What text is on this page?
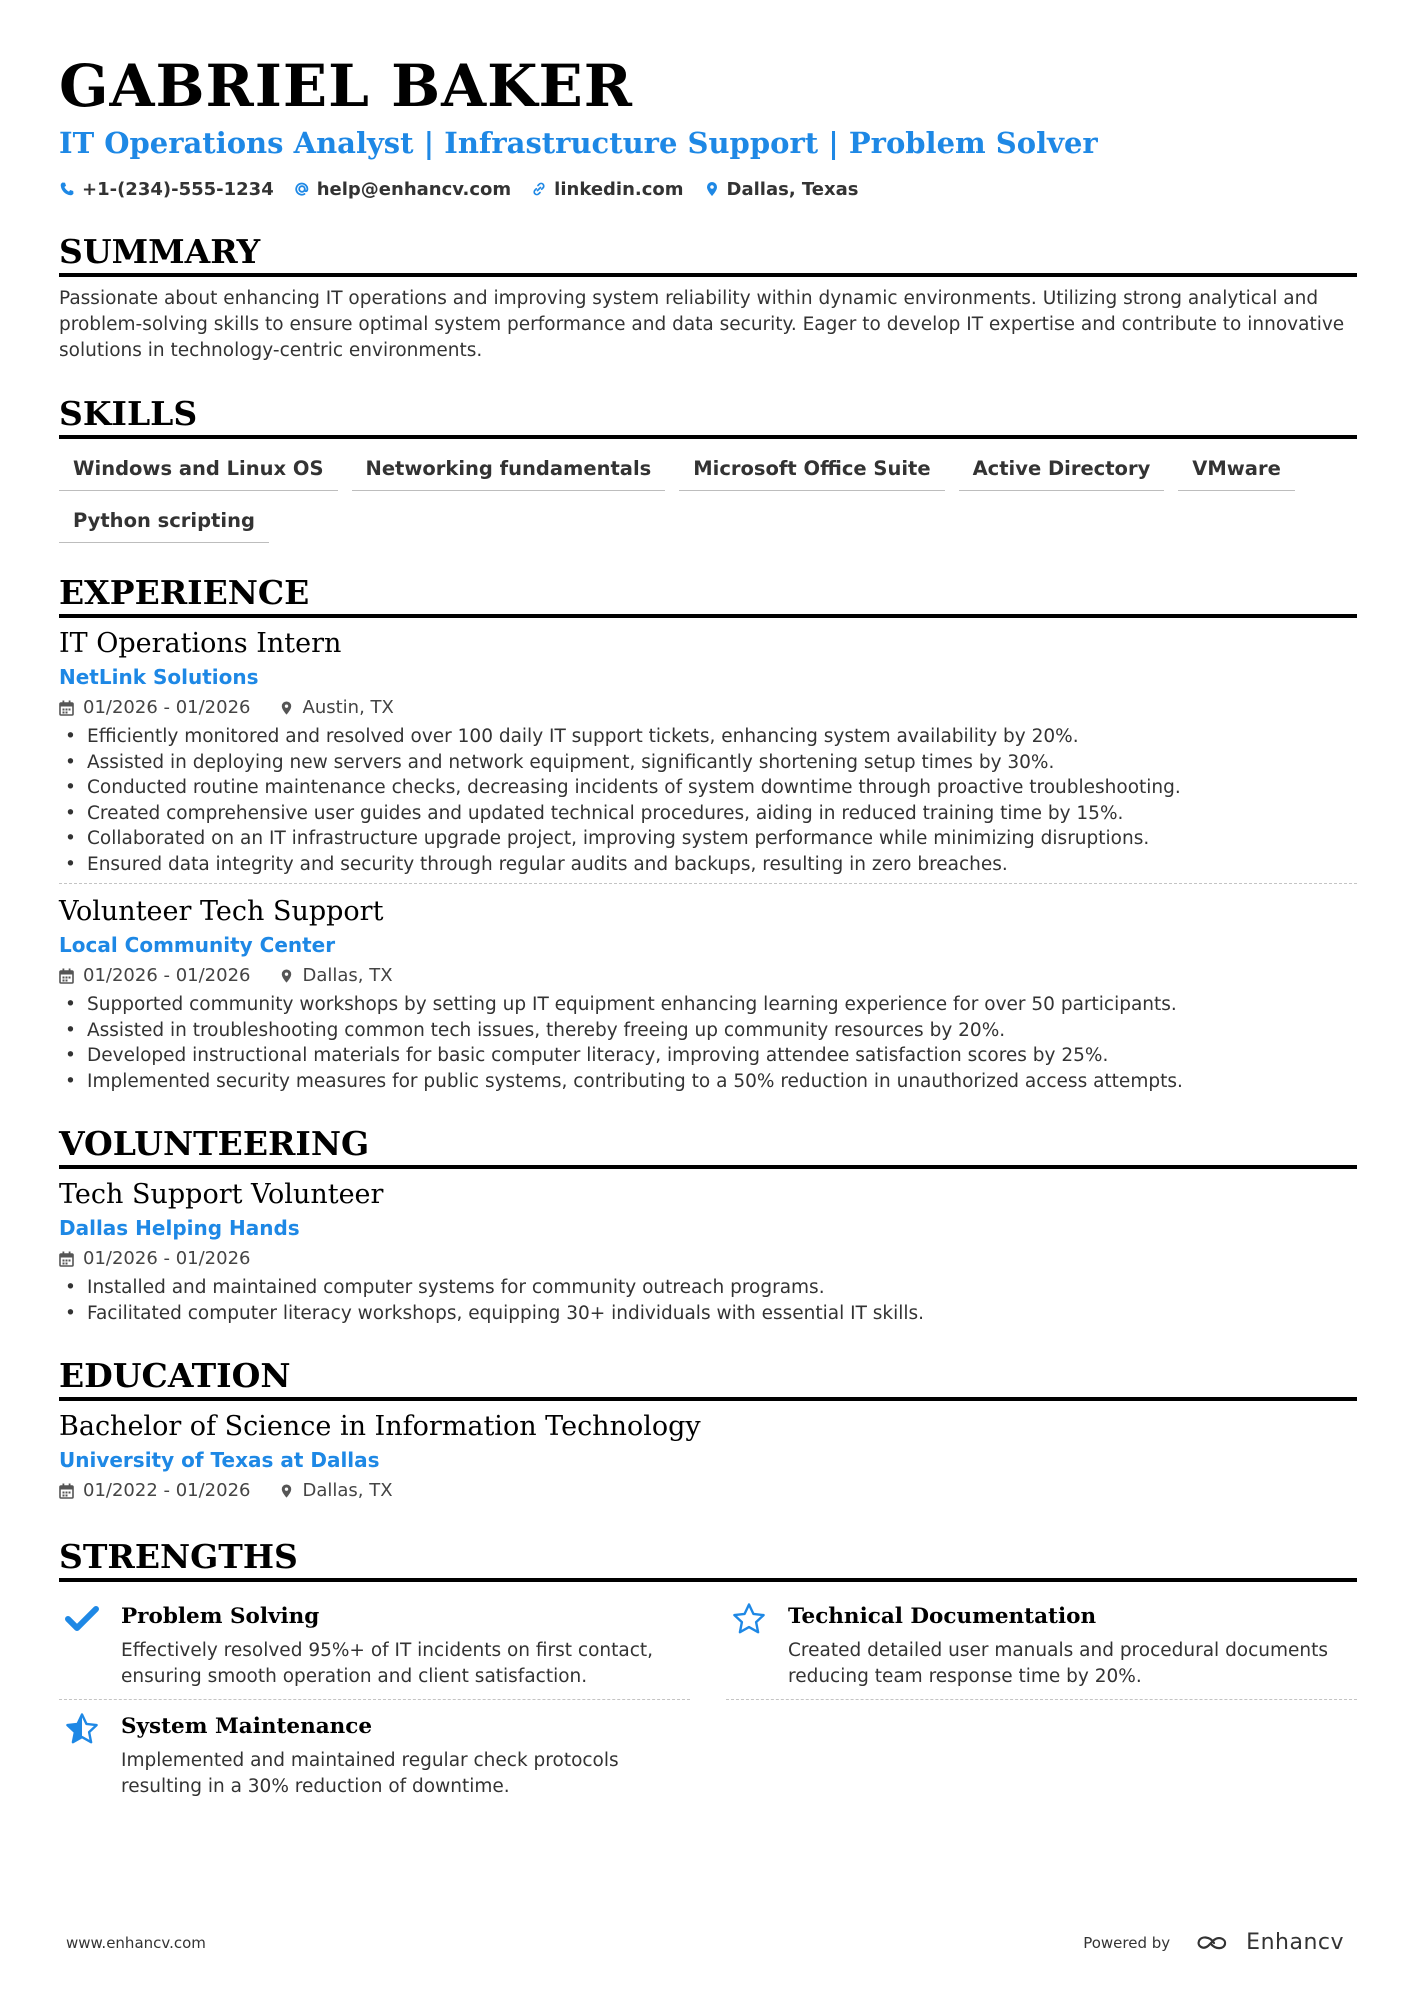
GABRIEL BAKER

IT Operations Analyst | Infrastructure Support | Problem Solver

+1-(234)-555-1234 help@enhancv.com linkedin.com Dallas, Texas
SUMMARY

Passionate about enhancing IT operations and improving system reliability within dynamic environments. Utilizing strong analytical and problem-solving skills to ensure optimal system performance and data security. Eager to develop IT expertise and contribute to innovative solutions in technology-centric environments.

SKILLS
Windows and Linux OS	Networking fundamentals	Microsoft Office Suite	Active Directory	VMware
Python scripting
EXPERIENCE

IT Operations Intern

NetLink Solutions

01/2026 - 01/2026	Austin, TX
• Efficiently monitored and resolved over 100 daily IT support tickets, enhancing system availability by 20%.
• Assisted in deploying new servers and network equipment, significantly shortening setup times by 30%.
• Conducted routine maintenance checks, decreasing incidents of system downtime through proactive troubleshooting.
• Created comprehensive user guides and updated technical procedures, aiding in reduced training time by 15%.
• Collaborated on an IT infrastructure upgrade project, improving system performance while minimizing disruptions.
• Ensured data integrity and security through regular audits and backups, resulting in zero breaches.

Volunteer Tech Support

Local Community Center

01/2026 - 01/2026	Dallas, TX
• Supported community workshops by setting up IT equipment enhancing learning experience for over 50 participants.
• Assisted in troubleshooting common tech issues, thereby freeing up community resources by 20%.
• Developed instructional materials for basic computer literacy, improving attendee satisfaction scores by 25%.
• Implemented security measures for public systems, contributing to a 50% reduction in unauthorized access attempts.
VOLUNTEERING

Tech Support Volunteer

Dallas Helping Hands

01/2026 - 01/2026
• Installed and maintained computer systems for community outreach programs.
• Facilitated computer literacy workshops, equipping 30+ individuals with essential IT skills.
EDUCATION

Bachelor of Science in Information Technology

University of Texas at Dallas

01/2022 - 01/2026	Dallas, TX
STRENGTHS

Problem Solving

Effectively resolved 95%+ of IT incidents on first contact, ensuring smooth operation and client satisfaction.

Technical Documentation

Created detailed user manuals and procedural documents reducing team response time by 20%.

System Maintenance

Implemented and maintained regular check protocols resulting in a 30% reduction of downtime.

www.enhancv.com	Powered by	Enhancv
